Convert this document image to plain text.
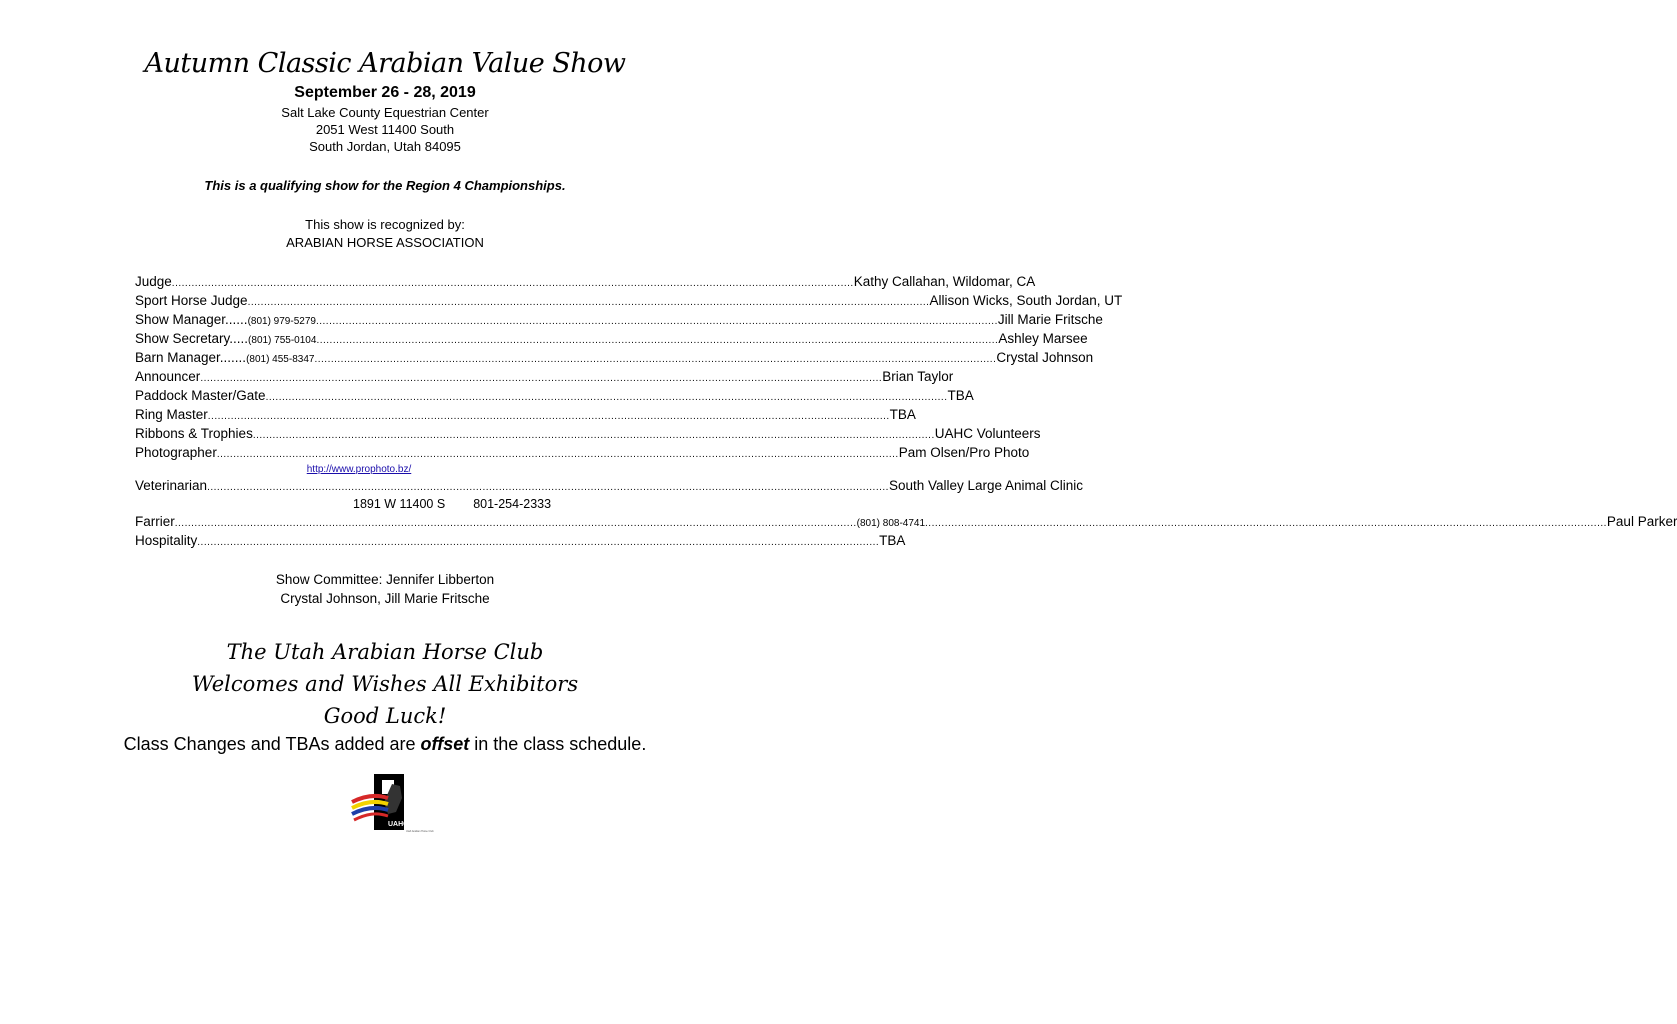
Autumn Classic Arabian Value Show
September 26 - 28, 2019
Salt Lake County Equestrian Center
2051 West 11400 South
South Jordan, Utah 84095
This is a qualifying show for the Region 4 Championships.
This show is recognized by:
ARABIAN HORSE ASSOCIATION
Judge .....	Kathy Callahan, Wildomar, CA
Sport Horse Judge .....	Allison Wicks, South Jordan, UT
Show Manager...... (801) 979-5279 .....	Jill Marie Fritsche
Show Secretary..... (801) 755-0104 .....	Ashley Marsee
Barn Manager....... (801) 455-8347 .....	Crystal Johnson
Announcer .....	Brian Taylor
Paddock Master/Gate .....	TBA
Ring Master .....	TBA
Ribbons & Trophies .....	UAHC Volunteers
Photographer .....	Pam Olsen/Pro Photo
http://www.prophoto.bz/
Veterinarian .....	South Valley Large Animal Clinic
1891 W 11400 S 801-254-2333
Farrier .....	(801) 808-4741 .....	Paul Parker
Hospitality .....	TBA
Show Committee: Jennifer Libberton
Crystal Johnson, Jill Marie Fritsche
The Utah Arabian Horse Club
Welcomes and Wishes All Exhibitors
Good Luck!
Class Changes and TBAs added are offset in the class schedule.
UAHC
Utah Arabian Horse Club
